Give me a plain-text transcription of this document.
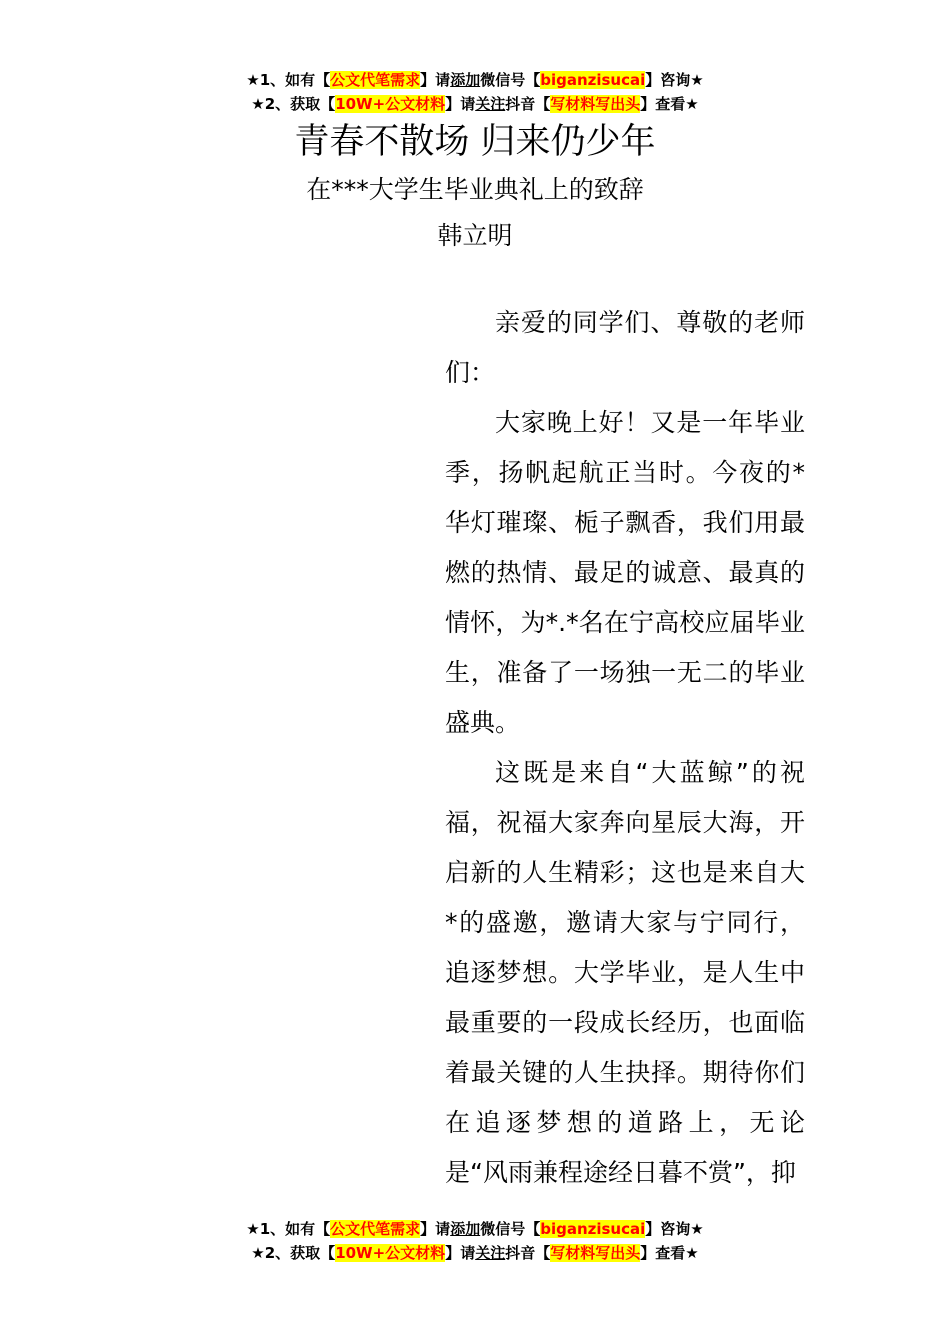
★1、如有【公文代笔需求】请添加微信号【biganzisucai】咨询★
★2、获取【10W+公文材料】请关注抖音【写材料写出头】查看★
青春不散场 归来仍少年
在***大学生毕业典礼上的致辞
韩立明

亲爱的同学们、尊敬的老师们：

大家晚上好！又是一年毕业季，扬帆起航正当时。今夜的*华灯璀璨、栀子飘香，我们用最燃的热情、最足的诚意、最真的情怀，为*.*名在宁高校应届毕业生，准备了一场独一无二的毕业盛典。

这既是来自“大蓝鲸”的祝福，祝福大家奔向星辰大海，开启新的人生精彩；这也是来自大*的盛邀，邀请大家与宁同行，追逐梦想。大学毕业，是人生中最重要的一段成长经历，也面临着最关键的人生抉择。期待你们在追逐梦想的道路上，无论是“风雨兼程途经日暮不赏”，抑

★1、如有【公文代笔需求】请添加微信号【biganzisucai】咨询★
★2、获取【10W+公文材料】请关注抖音【写材料写出头】查看★
